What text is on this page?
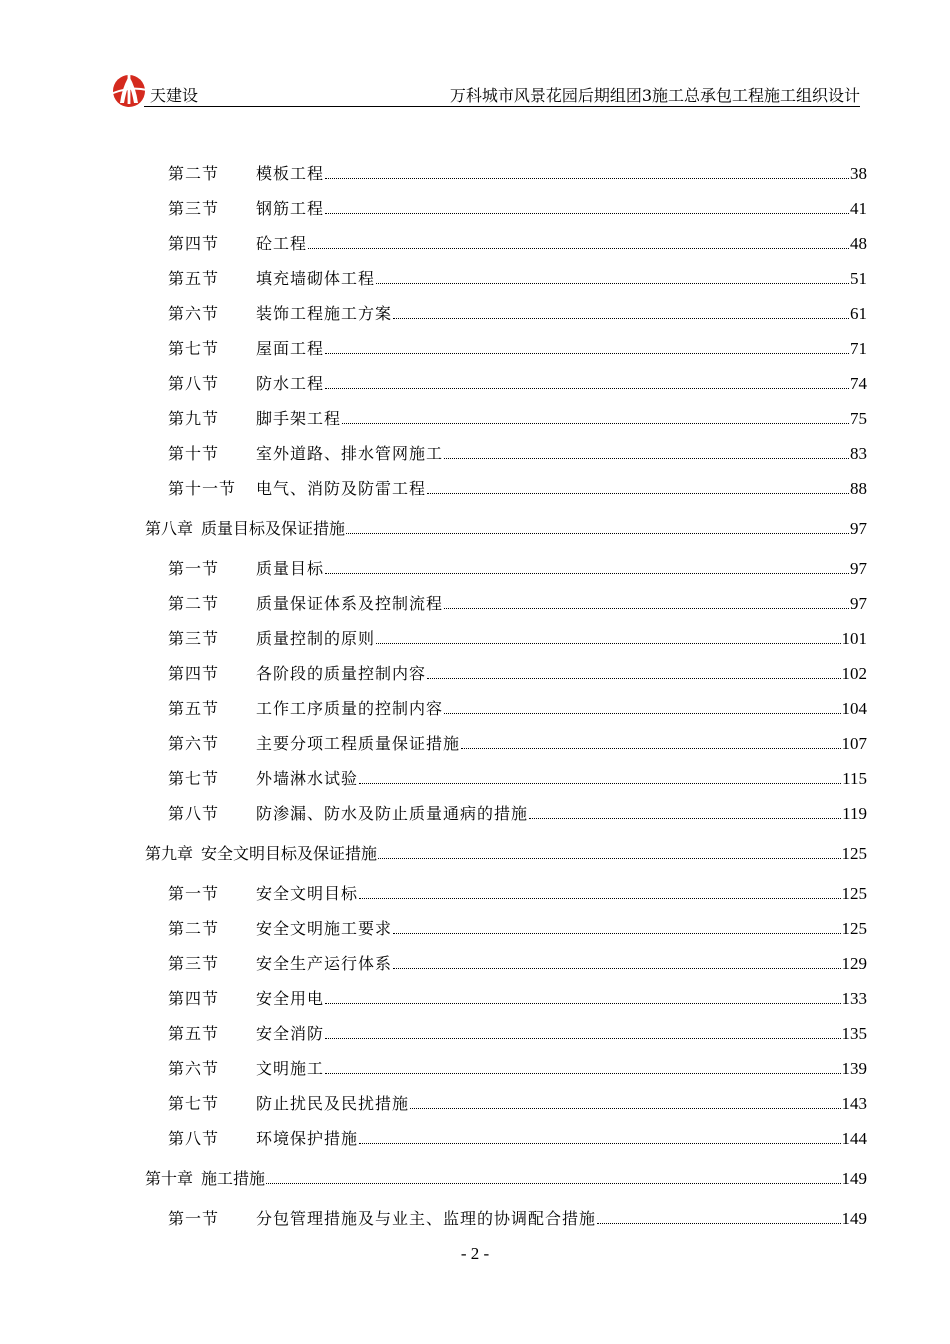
天建设	万科城市风景花园后期组团3施工总承包工程施工组织设计
第二节	模板工程	38
第三节	钢筋工程	41
第四节	砼工程	48
第五节	填充墙砌体工程	51
第六节	装饰工程施工方案	61
第七节	屋面工程	71
第八节	防水工程	74
第九节	脚手架工程	75
第十节	室外道路、排水管网施工	83
第十一节	电气、消防及防雷工程	88
第八章 质量目标及保证措施	97
第一节	质量目标	97
第二节	质量保证体系及控制流程	97
第三节	质量控制的原则	101
第四节	各阶段的质量控制内容	102
第五节	工作工序质量的控制内容	104
第六节	主要分项工程质量保证措施	107
第七节	外墙淋水试验	115
第八节	防渗漏、防水及防止质量通病的措施	119
第九章 安全文明目标及保证措施	125
第一节	安全文明目标	125
第二节	安全文明施工要求	125
第三节	安全生产运行体系	129
第四节	安全用电	133
第五节	安全消防	135
第六节	文明施工	139
第七节	防止扰民及民扰措施	143
第八节	环境保护措施	144
第十章 施工措施	149
第一节	分包管理措施及与业主、监理的协调配合措施	149
- 2 -
